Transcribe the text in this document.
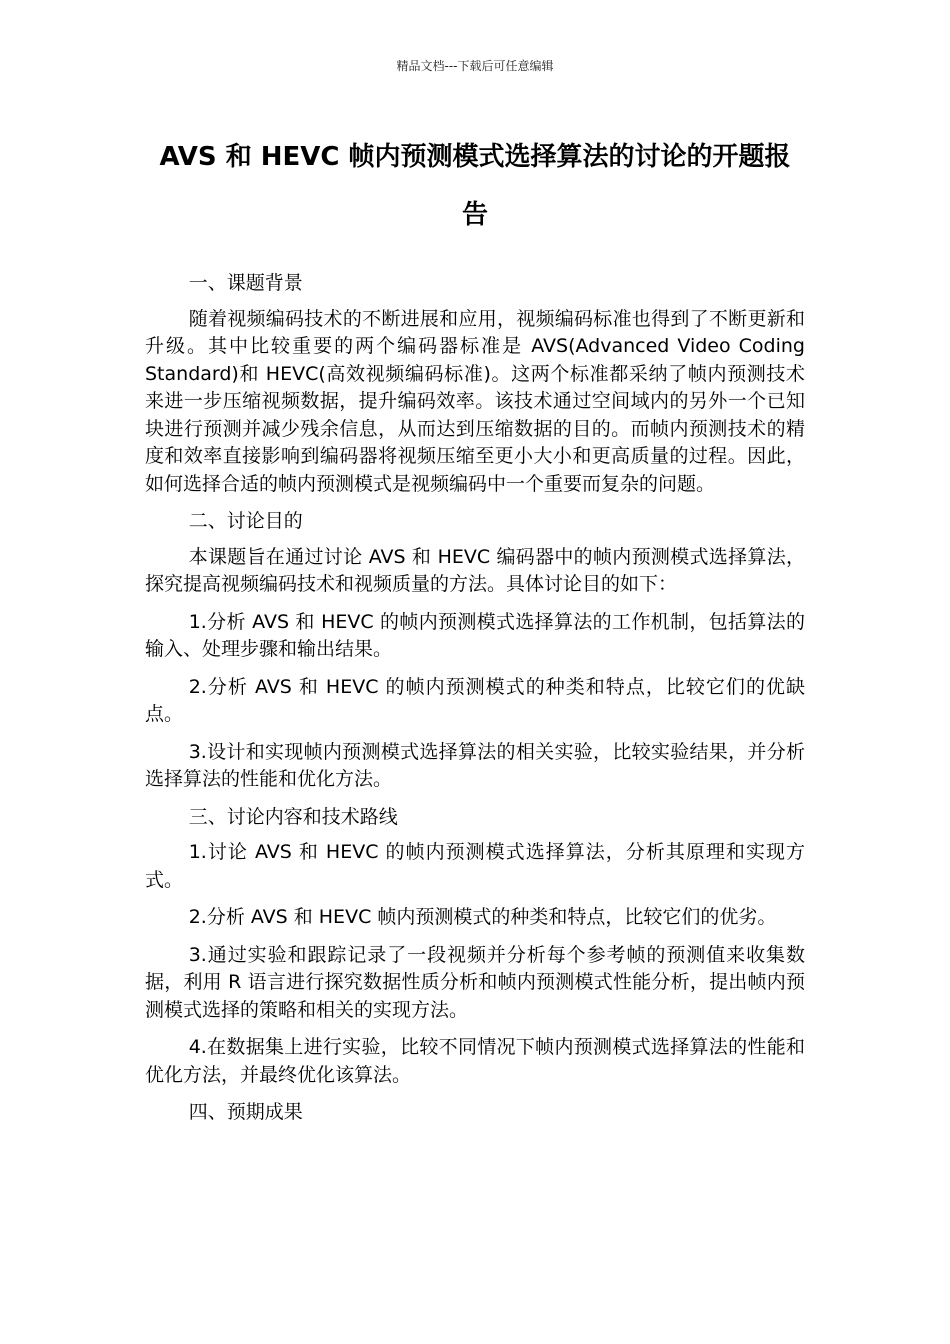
精品文档---下载后可任意编辑
AVS 和 HEVC 帧内预测模式选择算法的讨论的开题报告

一、课题背景

随着视频编码技术的不断进展和应用，视频编码标准也得到了不断更新和升级。其中比较重要的两个编码器标准是 AVS(Advanced Video Coding Standard)和 HEVC(高效视频编码标准)。这两个标准都采纳了帧内预测技术来进一步压缩视频数据，提升编码效率。该技术通过空间域内的另外一个已知块进行预测并减少残余信息，从而达到压缩数据的目的。而帧内预测技术的精度和效率直接影响到编码器将视频压缩至更小大小和更高质量的过程。因此，如何选择合适的帧内预测模式是视频编码中一个重要而复杂的问题。

二、讨论目的

本课题旨在通过讨论 AVS 和 HEVC 编码器中的帧内预测模式选择算法，探究提高视频编码技术和视频质量的方法。具体讨论目的如下：

1.分析 AVS 和 HEVC 的帧内预测模式选择算法的工作机制，包括算法的输入、处理步骤和输出结果。

2.分析 AVS 和 HEVC 的帧内预测模式的种类和特点，比较它们的优缺点。

3.设计和实现帧内预测模式选择算法的相关实验，比较实验结果，并分析选择算法的性能和优化方法。

三、讨论内容和技术路线

1.讨论 AVS 和 HEVC 的帧内预测模式选择算法，分析其原理和实现方式。

2.分析 AVS 和 HEVC 帧内预测模式的种类和特点，比较它们的优劣。

3.通过实验和跟踪记录了一段视频并分析每个参考帧的预测值来收集数据，利用 R 语言进行探究数据性质分析和帧内预测模式性能分析，提出帧内预测模式选择的策略和相关的实现方法。

4.在数据集上进行实验，比较不同情况下帧内预测模式选择算法的性能和优化方法，并最终优化该算法。

四、预期成果
